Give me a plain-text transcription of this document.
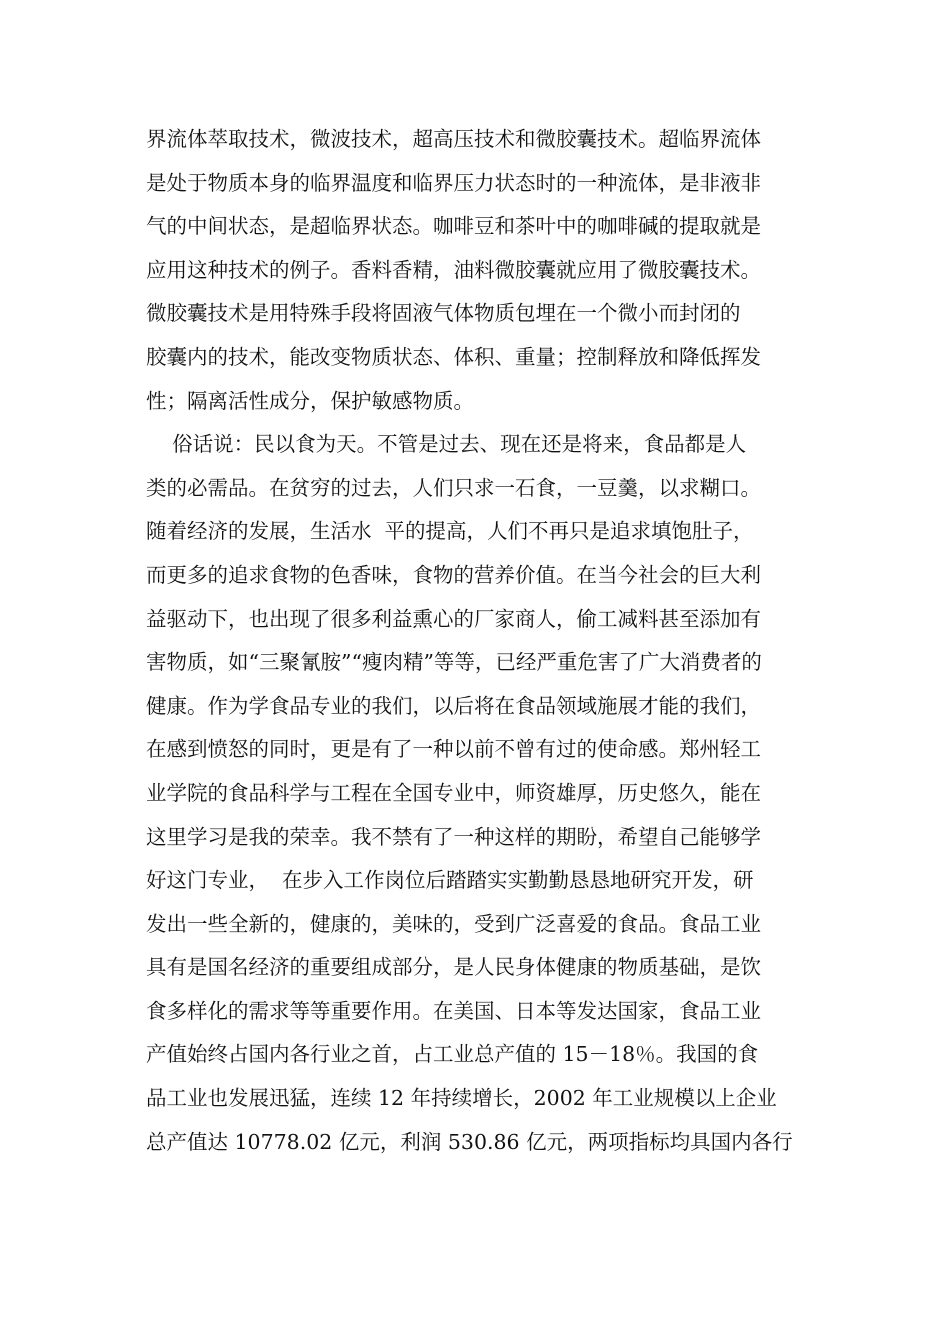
界流体萃取技术，微波技术，超高压技术和微胶囊技术。超临界流体
是处于物质本身的临界温度和临界压力状态时的一种流体，是非液非
气的中间状态，是超临界状态。咖啡豆和茶叶中的咖啡碱的提取就是
应用这种技术的例子。香料香精，油料微胶囊就应用了微胶囊技术。
微胶囊技术是用特殊手段将固液气体物质包埋在一个微小而封闭的
胶囊内的技术，能改变物质状态、体积、重量；控制释放和降低挥发
性；隔离活性成分，保护敏感物质。
俗话说：民以食为天。不管是过去、现在还是将来，食品都是人
类的必需品。在贫穷的过去，人们只求一石食，一豆羹，以求糊口。
随着经济的发展，生活水  平的提高，人们不再只是追求填饱肚子，
而更多的追求食物的色香味，食物的营养价值。在当今社会的巨大利
益驱动下，也出现了很多利益熏心的厂家商人，偷工减料甚至添加有
害物质，如“三聚氰胺”“瘦肉精”等等，已经严重危害了广大消费者的
健康。作为学食品专业的我们，以后将在食品领域施展才能的我们，
在感到愤怒的同时，更是有了一种以前不曾有过的使命感。郑州轻工
业学院的食品科学与工程在全国专业中，师资雄厚，历史悠久，能在
这里学习是我的荣幸。我不禁有了一种这样的期盼，希望自己能够学
好这门专业，  在步入工作岗位后踏踏实实勤勤恳恳地研究开发，研
发出一些全新的，健康的，美味的，受到广泛喜爱的食品。食品工业
具有是国名经济的重要组成部分，是人民身体健康的物质基础，是饮
食多样化的需求等等重要作用。在美国、日本等发达国家，食品工业
产值始终占国内各行业之首，占工业总产值的 15－18％。我国的食
品工业也发展迅猛，连续 12 年持续增长，2002 年工业规模以上企业
总产值达 10778.02 亿元，利润 530.86 亿元，两项指标均具国内各行
